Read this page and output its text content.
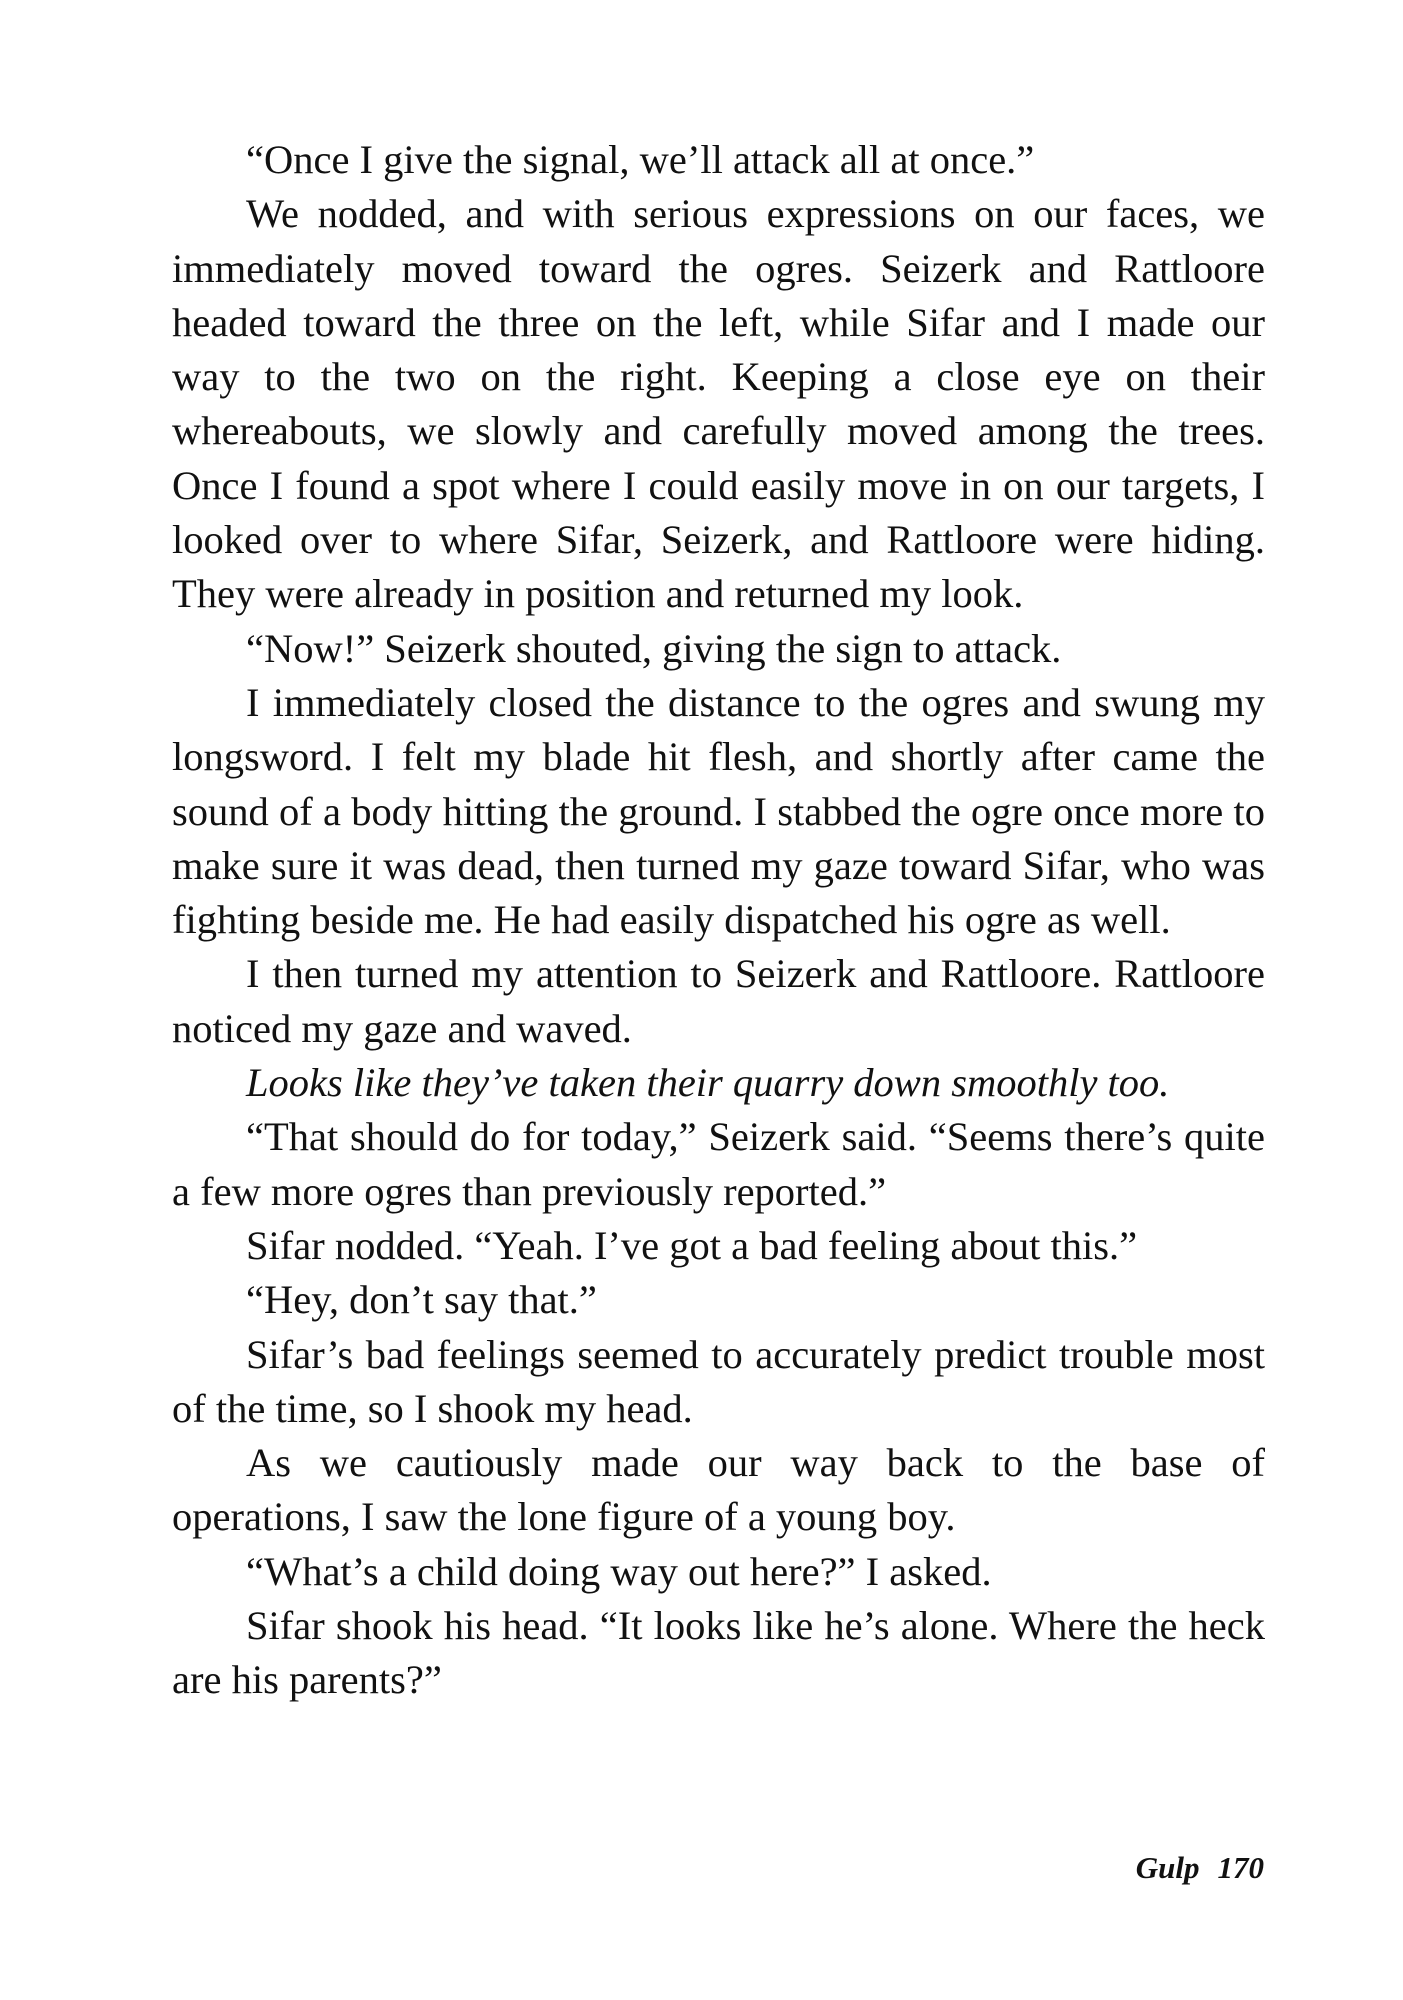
“Once I give the signal, we’ll attack all at once.”

We nodded, and with serious expressions on our faces, we immediately moved toward the ogres. Seizerk and Rattloore headed toward the three on the left, while Sifar and I made our way to the two on the right. Keeping a close eye on their whereabouts, we slowly and carefully moved among the trees. Once I found a spot where I could easily move in on our targets, I looked over to where Sifar, Seizerk, and Rattloore were hiding. They were already in position and returned my look.

“Now!” Seizerk shouted, giving the sign to attack.

I immediately closed the distance to the ogres and swung my longsword. I felt my blade hit flesh, and shortly after came the sound of a body hitting the ground. I stabbed the ogre once more to make sure it was dead, then turned my gaze toward Sifar, who was fighting beside me. He had easily dispatched his ogre as well.

I then turned my attention to Seizerk and Rattloore. Rattloore noticed my gaze and waved.

Looks like they’ve taken their quarry down smoothly too.

“That should do for today,” Seizerk said. “Seems there’s quite a few more ogres than previously reported.”

Sifar nodded. “Yeah. I’ve got a bad feeling about this.”

“Hey, don’t say that.”

Sifar’s bad feelings seemed to accurately predict trouble most of the time, so I shook my head.

As we cautiously made our way back to the base of operations, I saw the lone figure of a young boy.

“What’s a child doing way out here?” I asked.

Sifar shook his head. “It looks like he’s alone. Where the heck are his parents?”

Gulp 170
